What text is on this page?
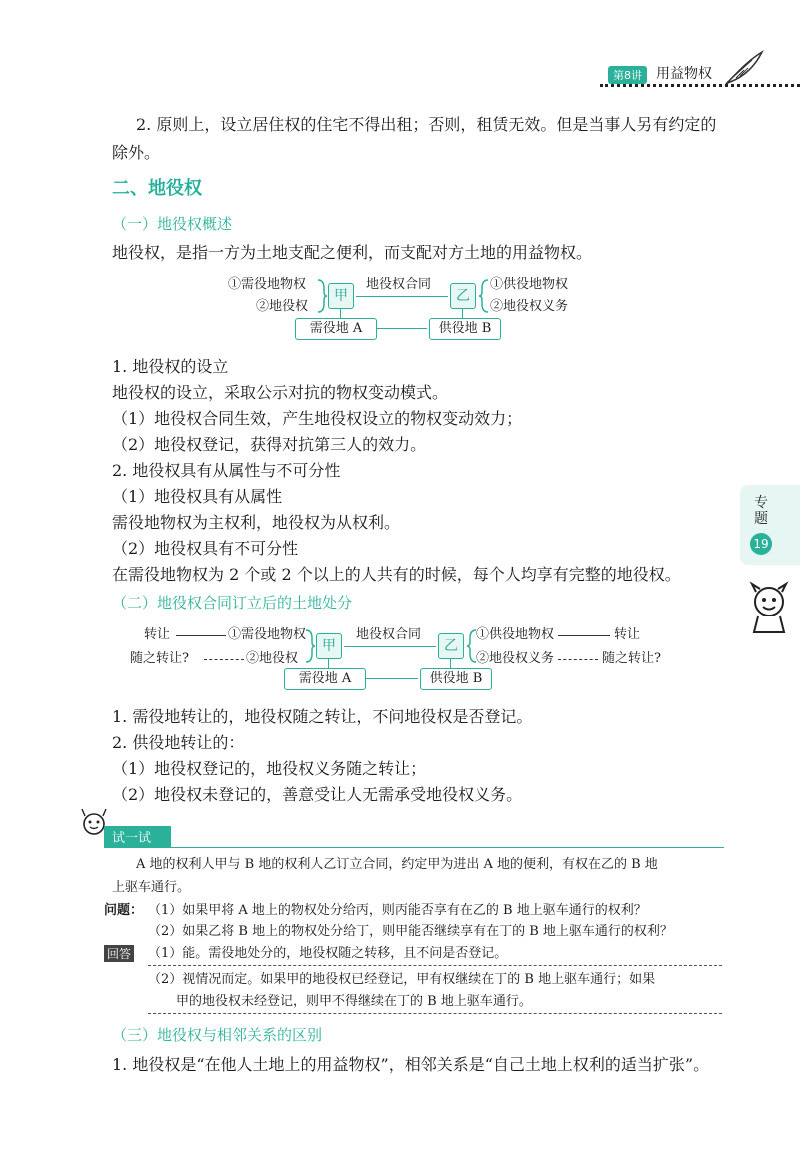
第8讲	用益物权
专题
19
2. 原则上，设立居住权的住宅不得出租；否则，租赁无效。但是当事人另有约定的
除外。
二、地役权
（一）地役权概述
地役权，是指一方为土地支配之便利，而支配对方土地的用益物权。
①需役地物权
②地役权
甲
地役权合同
乙
①供役地物权
②地役权义务
需役地 A	供役地 B
1. 地役权的设立
地役权的设立，采取公示对抗的物权变动模式。
（1）地役权合同生效，产生地役权设立的物权变动效力；
（2）地役权登记，获得对抗第三人的效力。
2. 地役权具有从属性与不可分性
（1）地役权具有从属性
需役地物权为主权利，地役权为从权利。
（2）地役权具有不可分性
在需役地物权为 2 个或 2 个以上的人共有的时候，每个人均享有完整的地役权。
（二）地役权合同订立后的土地处分
转让
随之转让?
①需役地物权
②地役权
甲
地役权合同
乙
①供役地物权
②地役权义务
转让
随之转让?
需役地 A	供役地 B
1. 需役地转让的，地役权随之转让，不问地役权是否登记。
2. 供役地转让的：
（1）地役权登记的，地役权义务随之转让；
（2）地役权未登记的，善意受让人无需承受地役权义务。
试一试
A 地的权利人甲与 B 地的权利人乙订立合同，约定甲为进出 A 地的便利，有权在乙的 B 地
上驱车通行。
问题： （1）如果甲将 A 地上的物权处分给丙，则丙能否享有在乙的 B 地上驱车通行的权利？
（2）如果乙将 B 地上的物权处分给丁，则甲能否继续享有在丁的 B 地上驱车通行的权利？
回答 （1）能。需役地处分的，地役权随之转移，且不问是否登记。
（2）视情况而定。如果甲的地役权已经登记，甲有权继续在丁的 B 地上驱车通行；如果
甲的地役权未经登记，则甲不得继续在丁的 B 地上驱车通行。
（三）地役权与相邻关系的区别
1. 地役权是“在他人土地上的用益物权”，相邻关系是“自己土地上权利的适当扩张”。
